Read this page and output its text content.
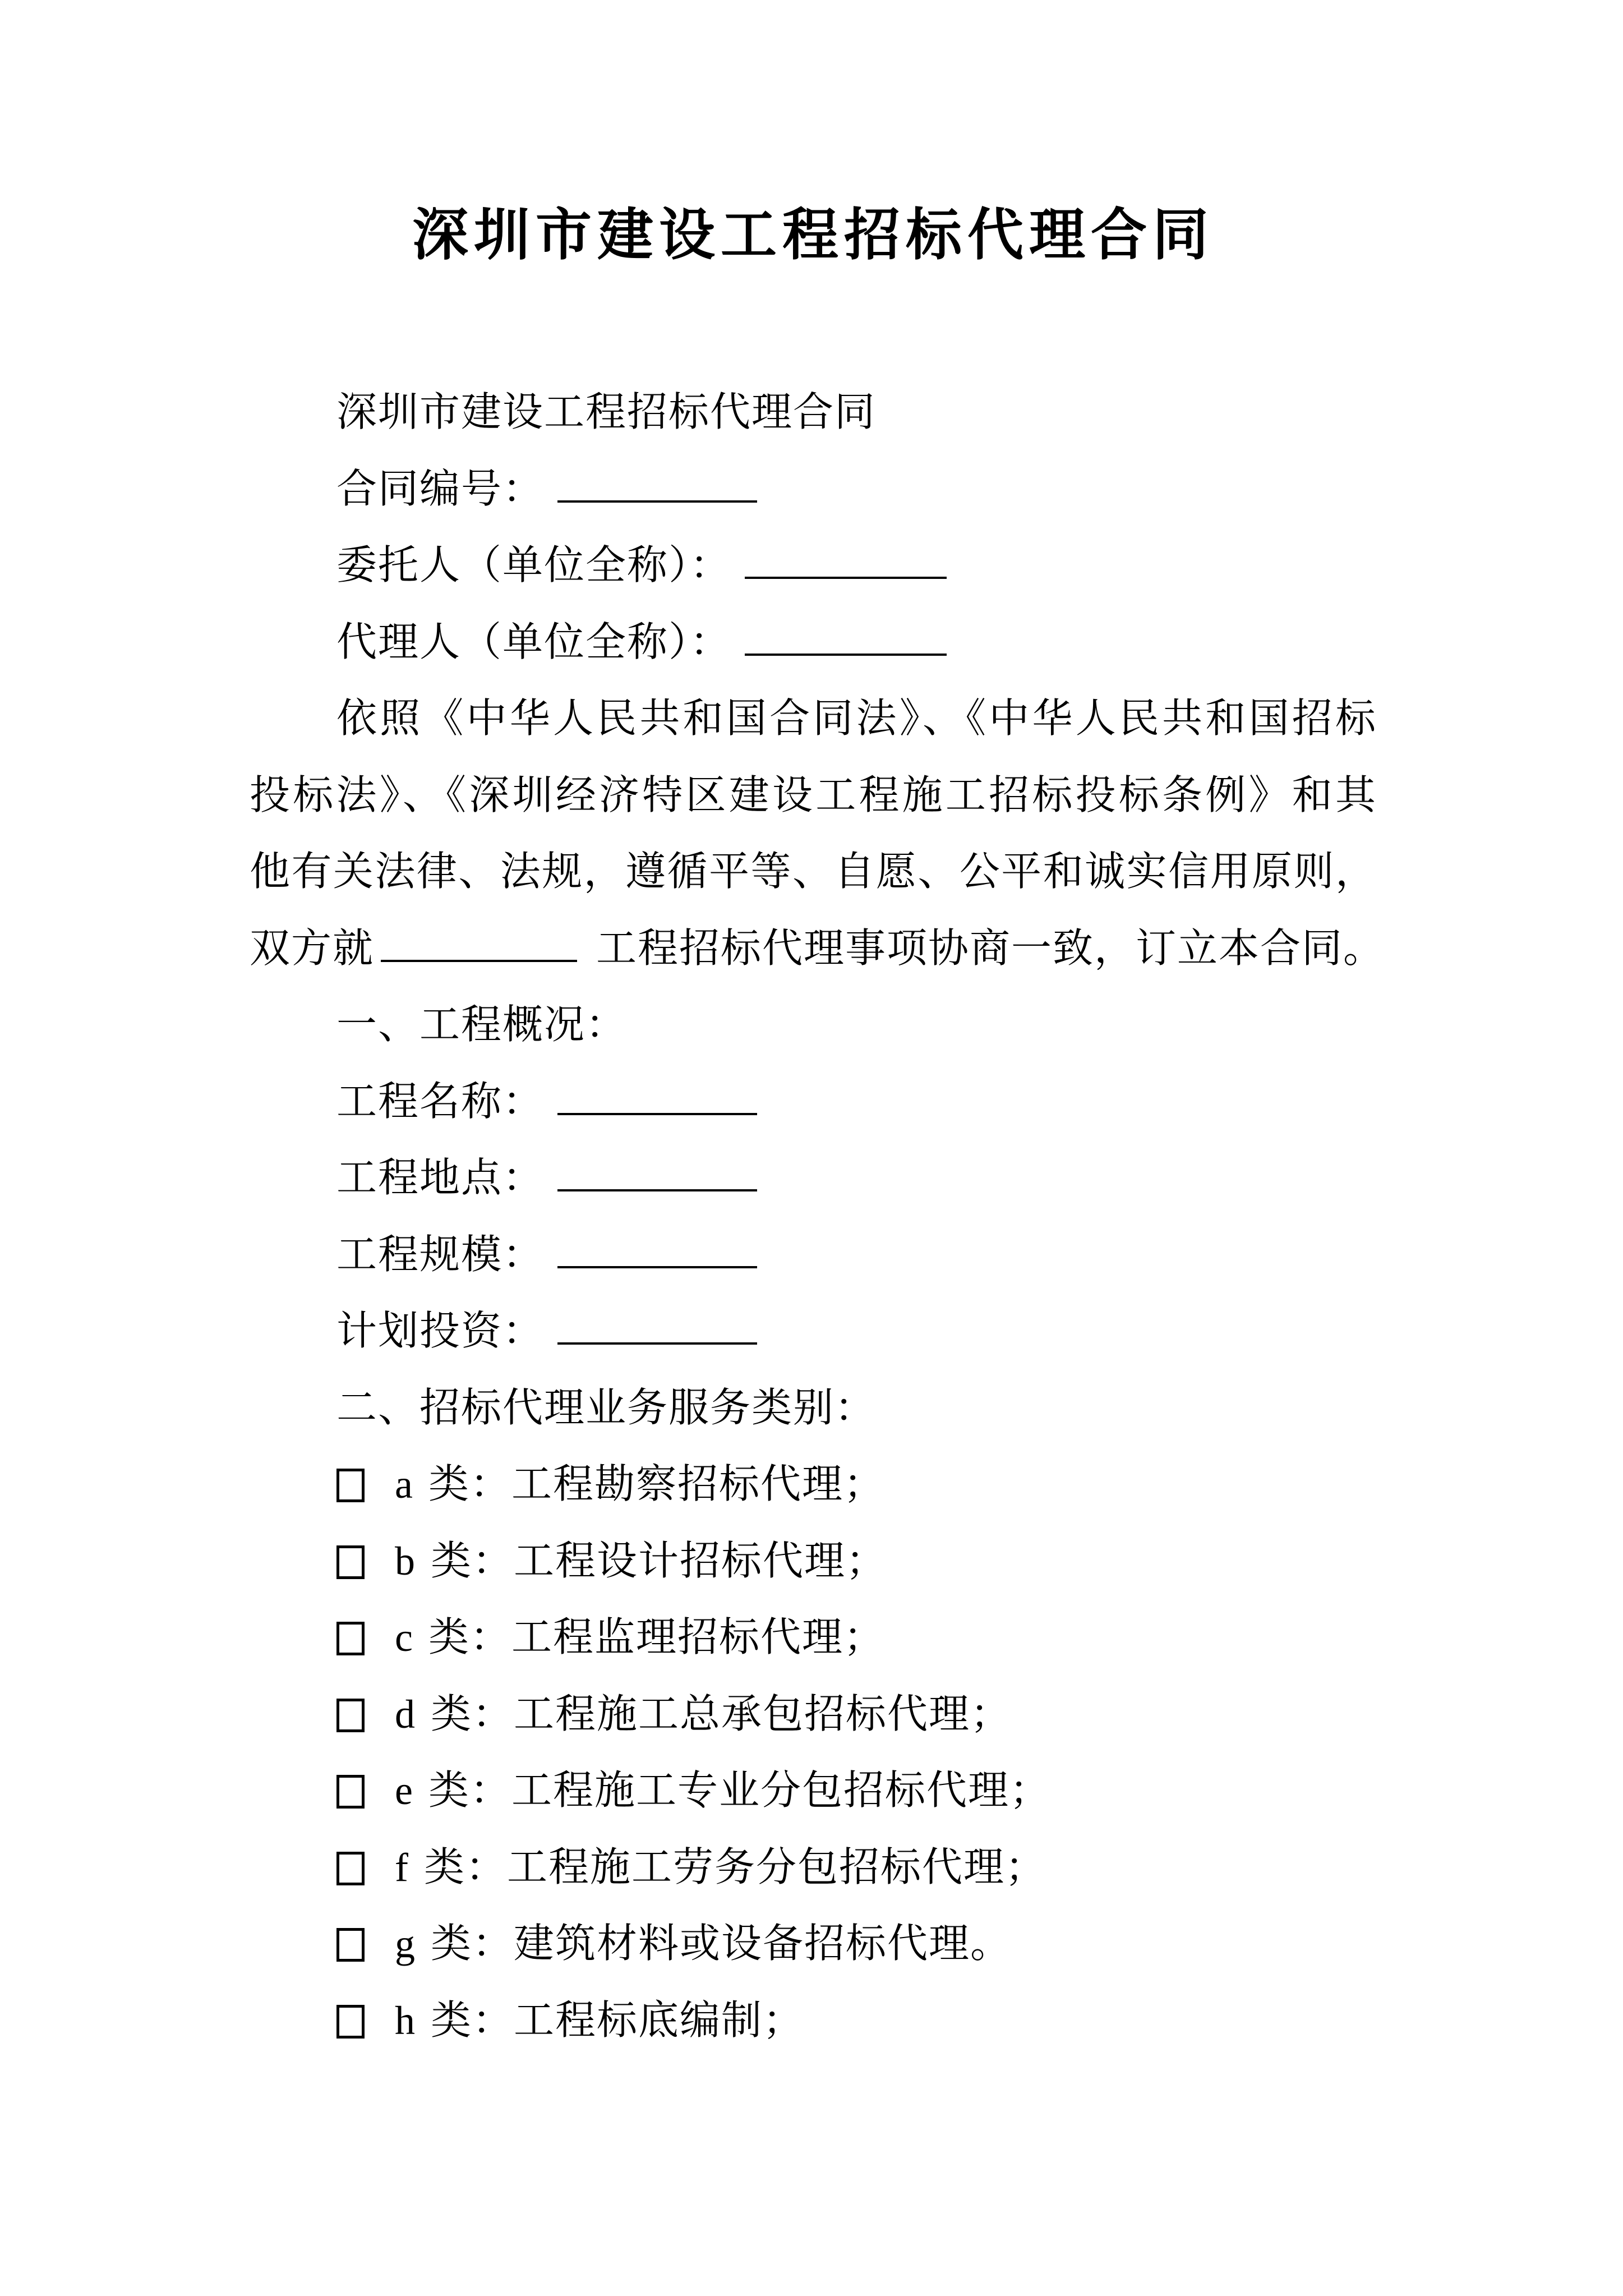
深圳市建设工程招标代理合同
深圳市建设工程招标代理合同
合同编号：
委托人（单位全称）：
代理人（单位全称）：
依照《中华人民共和国合同法》、《中华人民共和国招标
投标法》、《深圳经济特区建设工程施工招标投标条例》和其
他有关法律、法规，遵循平等、自愿、公平和诚实信用原则，
双方就	工程招标代理事项协商一致，订立本合同。
一、工程概况：
工程名称：
工程地点：
工程规模：
计划投资：
二、招标代理业务服务类别：
a 类：工程勘察招标代理；
b 类：工程设计招标代理；
c 类：工程监理招标代理；
d 类：工程施工总承包招标代理；
e 类：工程施工专业分包招标代理；
f 类：工程施工劳务分包招标代理；
g 类：建筑材料或设备招标代理。
h 类：工程标底编制；
